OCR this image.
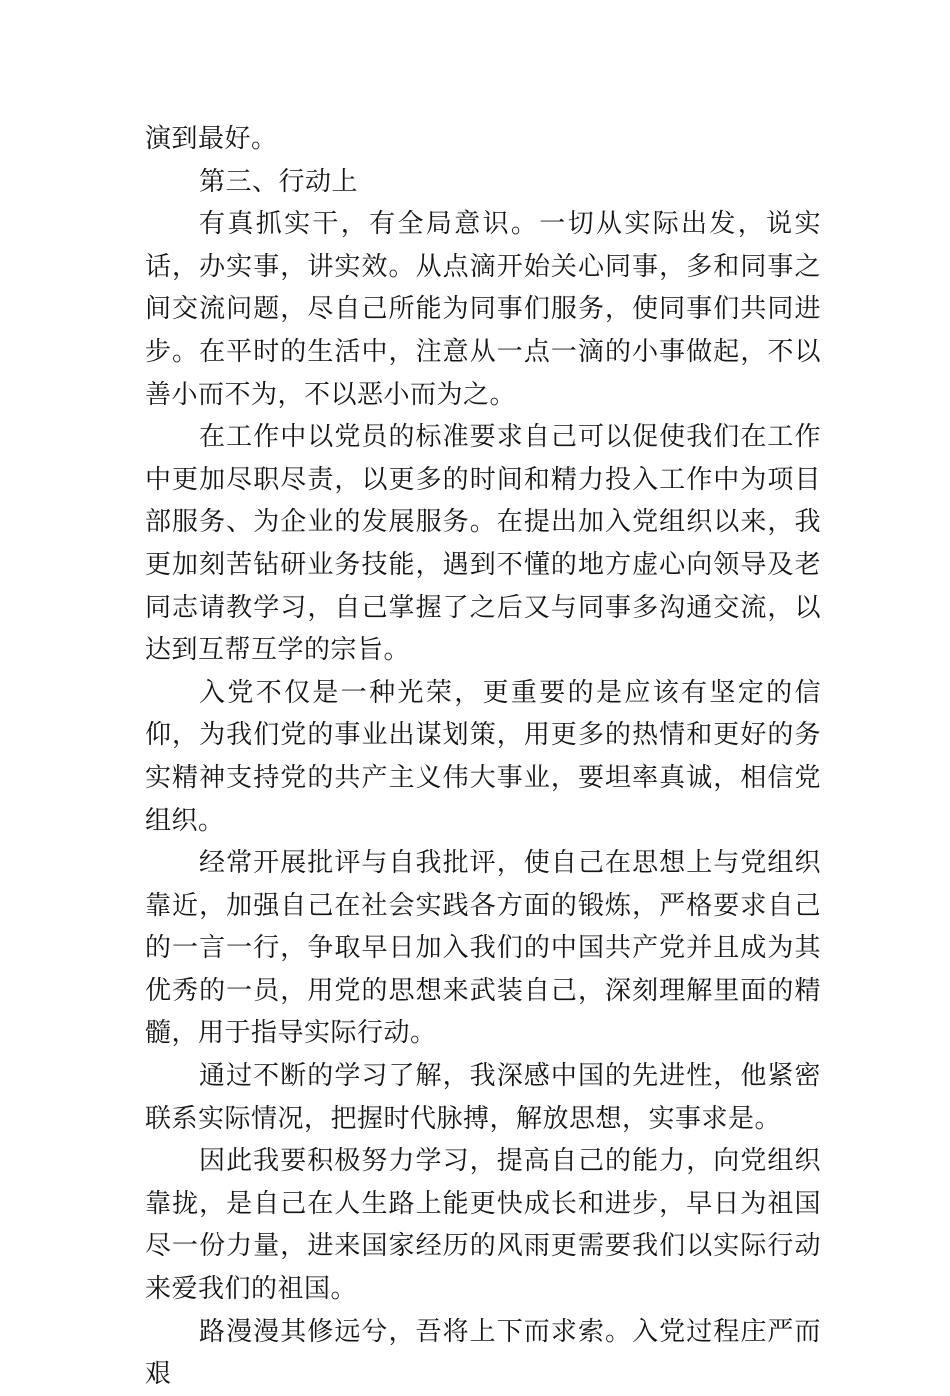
演到最好。

第三、行动上

有真抓实干，有全局意识。一切从实际出发，说实话，办实事，讲实效。从点滴开始关心同事，多和同事之间交流问题，尽自己所能为同事们服务，使同事们共同进步。在平时的生活中，注意从一点一滴的小事做起，不以善小而不为，不以恶小而为之。

在工作中以党员的标准要求自己可以促使我们在工作中更加尽职尽责，以更多的时间和精力投入工作中为项目部服务、为企业的发展服务。在提出加入党组织以来，我更加刻苦钻研业务技能，遇到不懂的地方虚心向领导及老同志请教学习，自己掌握了之后又与同事多沟通交流，以达到互帮互学的宗旨。

入党不仅是一种光荣，更重要的是应该有坚定的信仰，为我们党的事业出谋划策，用更多的热情和更好的务实精神支持党的共产主义伟大事业，要坦率真诚，相信党组织。

经常开展批评与自我批评，使自己在思想上与党组织靠近，加强自己在社会实践各方面的锻炼，严格要求自己的一言一行，争取早日加入我们的中国共产党并且成为其优秀的一员，用党的思想来武装自己，深刻理解里面的精髓，用于指导实际行动。

通过不断的学习了解，我深感中国的先进性，他紧密联系实际情况，把握时代脉搏，解放思想，实事求是。

因此我要积极努力学习，提高自己的能力，向党组织靠拢，是自己在人生路上能更快成长和进步，早日为祖国尽一份力量，进来国家经历的风雨更需要我们以实际行动来爱我们的祖国。

路漫漫其修远兮，吾将上下而求索。入党过程庄严而艰
